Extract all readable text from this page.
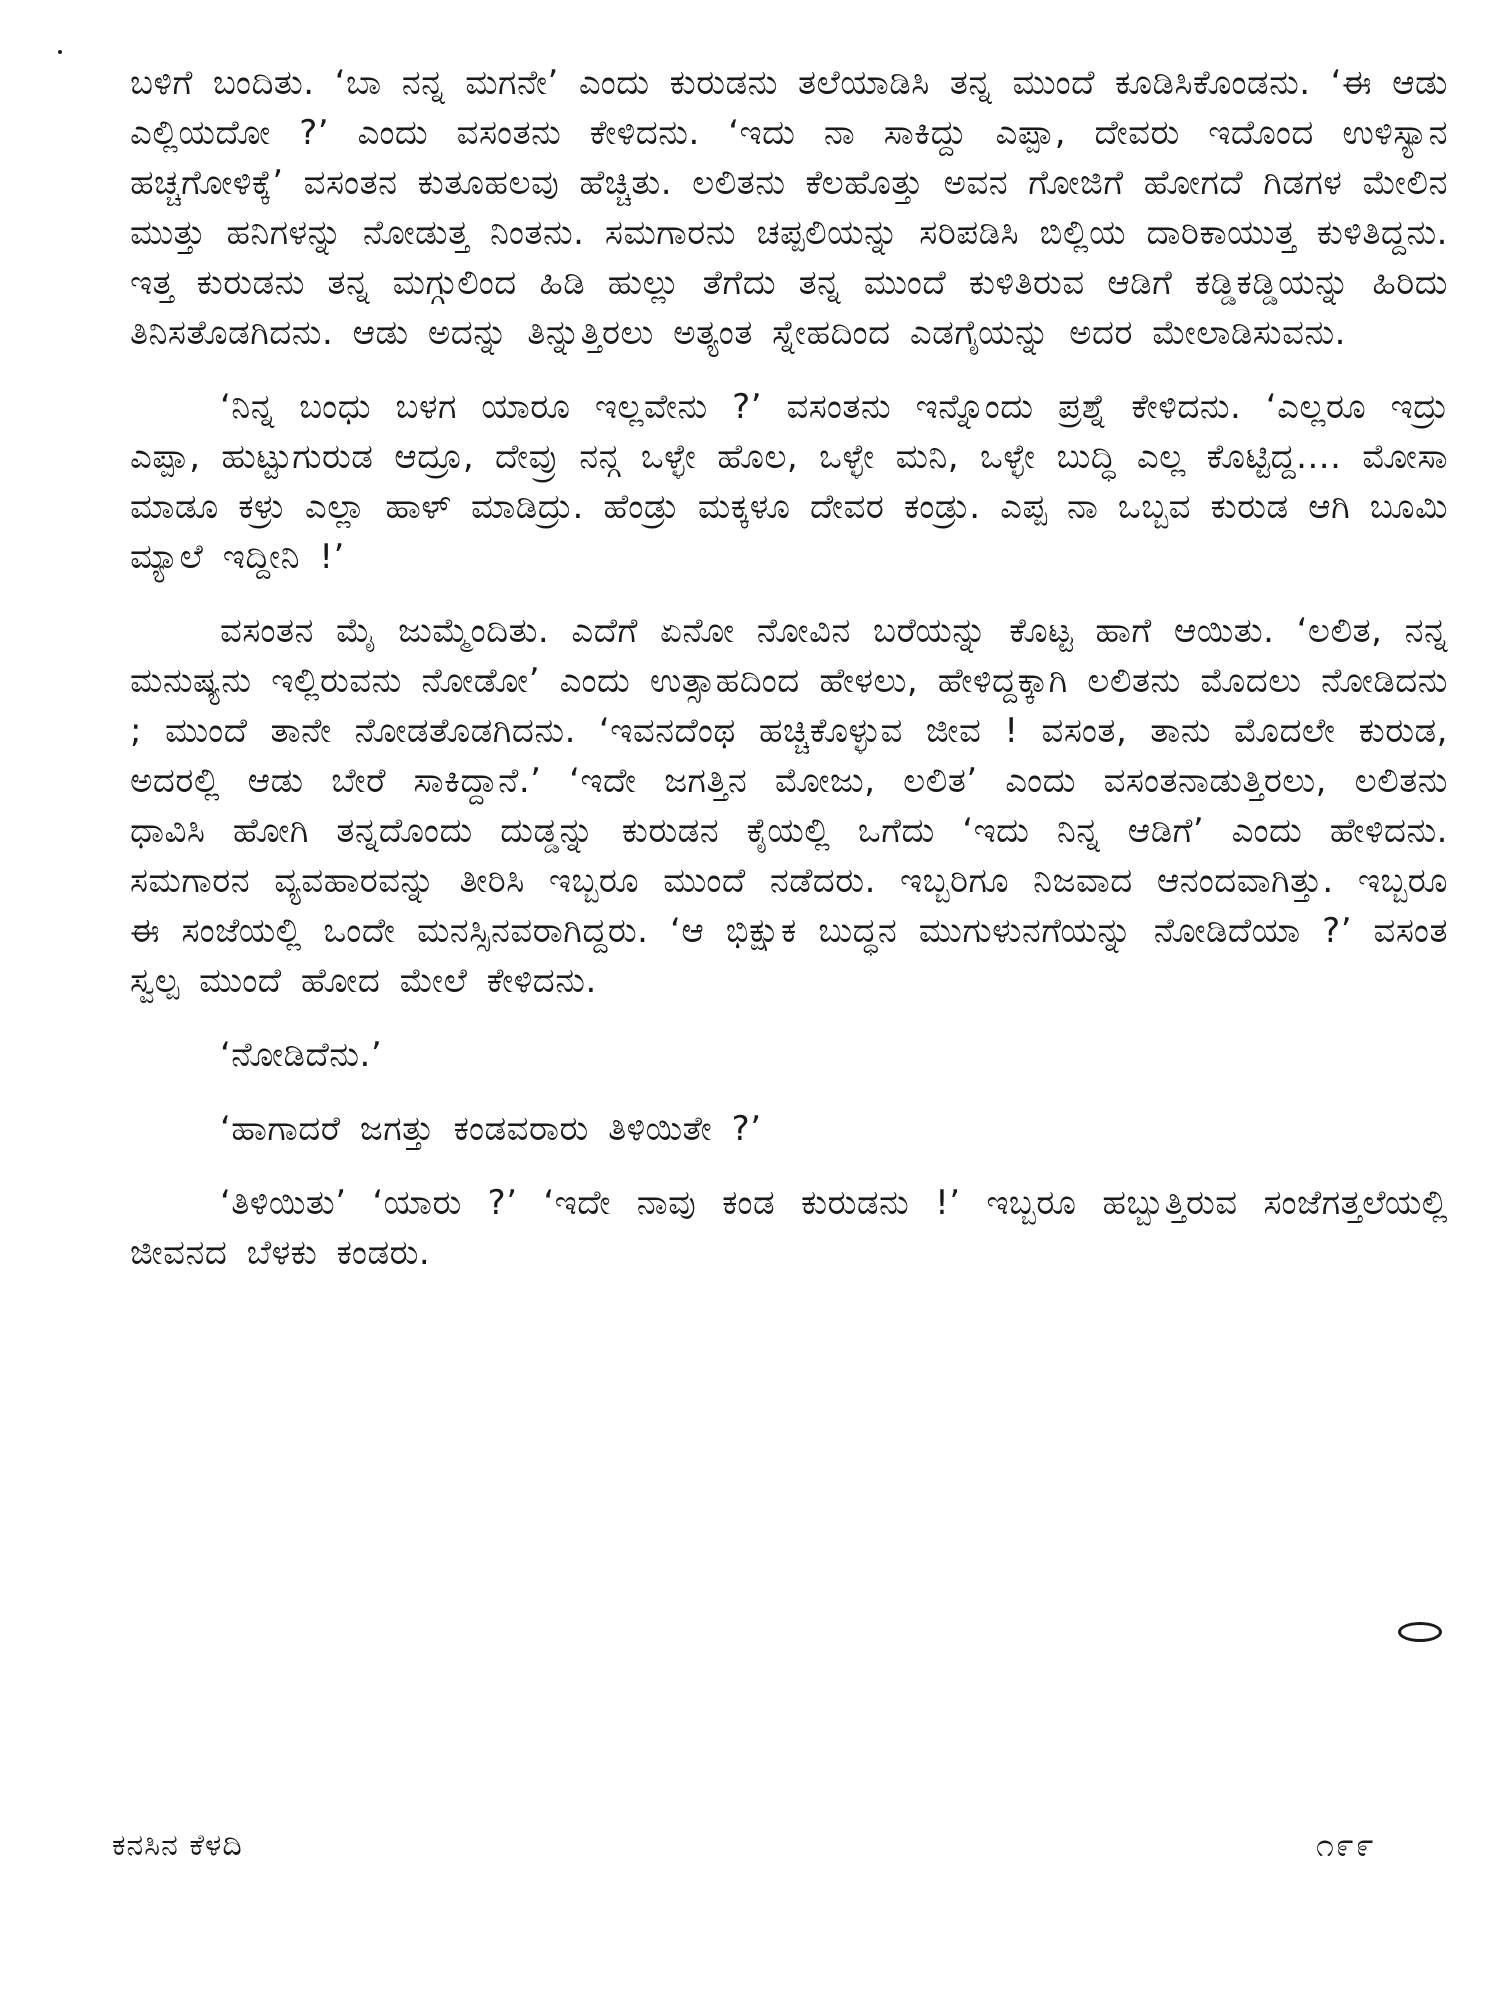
ಬಳಿಗೆ ಬಂದಿತು. ‘ಬಾ ನನ್ನ ಮಗನೇ’ ಎಂದು ಕುರುಡನು ತಲೆಯಾಡಿಸಿ ತನ್ನ ಮುಂದೆ ಕೂಡಿಸಿಕೊಂಡನು. ‘ಈ ಆಡು ಎಲ್ಲಿಯದೋ ?’ ಎಂದು ವಸಂತನು ಕೇಳಿದನು. ‘ಇದು ನಾ ಸಾಕಿದ್ದು ಎಪ್ಪಾ, ದೇವರು ಇದೊಂದ ಉಳಿಸ್ಯಾನ ಹಚ್ಚಗೋಳಿಕ್ಕೆ’ ವಸಂತನ ಕುತೂಹಲವು ಹೆಚ್ಚಿತು. ಲಲಿತನು ಕೆಲಹೊತ್ತು ಅವನ ಗೋಜಿಗೆ ಹೋಗದೆ ಗಿಡಗಳ ಮೇಲಿನ ಮುತ್ತು ಹನಿಗಳನ್ನು ನೋಡುತ್ತ ನಿಂತನು. ಸಮಗಾರನು ಚಪ್ಪಲಿಯನ್ನು ಸರಿಪಡಿಸಿ ಬಿಲ್ಲಿಯ ದಾರಿಕಾಯುತ್ತ ಕುಳಿತಿದ್ದನು. ಇತ್ತ ಕುರುಡನು ತನ್ನ ಮಗ್ಗುಲಿಂದ ಹಿಡಿ ಹುಲ್ಲು ತೆಗೆದು ತನ್ನ ಮುಂದೆ ಕುಳಿತಿರುವ ಆಡಿಗೆ ಕಡ್ಡಿಕಡ್ಡಿಯನ್ನು ಹಿರಿದು ತಿನಿಸತೊಡಗಿದನು. ಆಡು ಅದನ್ನು ತಿನ್ನುತ್ತಿರಲು ಅತ್ಯಂತ ಸ್ನೇಹದಿಂದ ಎಡಗೈಯನ್ನು ಅದರ ಮೇಲಾಡಿಸುವನು.

‘ನಿನ್ನ ಬಂಧು ಬಳಗ ಯಾರೂ ಇಲ್ಲವೇನು ?’ ವಸಂತನು ಇನ್ನೊಂದು ಪ್ರಶ್ನೆ ಕೇಳಿದನು. ‘ಎಲ್ಲರೂ ಇದ್ರು ಎಪ್ಪಾ, ಹುಟ್ಟುಗುರುಡ ಆದ್ರೂ, ದೇವ್ರು ನನ್ಗ ಒಳ್ಳೇ ಹೊಲ, ಒಳ್ಳೇ ಮನಿ, ಒಳ್ಳೇ ಬುದ್ಧಿ ಎಲ್ಲ ಕೊಟ್ಟಿದ್ದ.... ಮೋಸಾ ಮಾಡೂ ಕಳ್ರು ಎಲ್ಲಾ ಹಾಳ್ ಮಾಡಿದ್ರು. ಹೆಂಡ್ರು ಮಕ್ಕಳೂ ದೇವರ ಕಂಡ್ರು. ಎಪ್ಪ ನಾ ಒಬ್ಬವ ಕುರುಡ ಆಗಿ ಬೂಮಿ ಮ್ಯಾಲೆ ಇದ್ದೀನಿ !’

ವಸಂತನ ಮೈ ಜುಮ್ಮೆಂದಿತು. ಎದೆಗೆ ಏನೋ ನೋವಿನ ಬರೆಯನ್ನು ಕೊಟ್ಟ ಹಾಗೆ ಆಯಿತು. ‘ಲಲಿತ, ನನ್ನ ಮನುಷ್ಯನು ಇಲ್ಲಿರುವನು ನೋಡೋ’ ಎಂದು ಉತ್ಸಾಹದಿಂದ ಹೇಳಲು, ಹೇಳಿದ್ದಕ್ಕಾಗಿ ಲಲಿತನು ಮೊದಲು ನೋಡಿದನು ; ಮುಂದೆ ತಾನೇ ನೋಡತೊಡಗಿದನು. ‘ಇವನದೆಂಥ ಹಚ್ಚಿಕೊಳ್ಳುವ ಜೀವ ! ವಸಂತ, ತಾನು ಮೊದಲೇ ಕುರುಡ, ಅದರಲ್ಲಿ ಆಡು ಬೇರೆ ಸಾಕಿದ್ದಾನೆ.’ ‘ಇದೇ ಜಗತ್ತಿನ ಮೋಜು, ಲಲಿತ’ ಎಂದು ವಸಂತನಾಡುತ್ತಿರಲು, ಲಲಿತನು ಧಾವಿಸಿ ಹೋಗಿ ತನ್ನದೊಂದು ದುಡ್ಡನ್ನು ಕುರುಡನ ಕೈಯಲ್ಲಿ ಒಗೆದು ‘ಇದು ನಿನ್ನ ಆಡಿಗೆ’ ಎಂದು ಹೇಳಿದನು. ಸಮಗಾರನ ವ್ಯವಹಾರವನ್ನು ತೀರಿಸಿ ಇಬ್ಬರೂ ಮುಂದೆ ನಡೆದರು. ಇಬ್ಬರಿಗೂ ನಿಜವಾದ ಆನಂದವಾಗಿತ್ತು. ಇಬ್ಬರೂ ಈ ಸಂಜೆಯಲ್ಲಿ ಒಂದೇ ಮನಸ್ಸಿನವರಾಗಿದ್ದರು. ‘ಆ ಭಿಕ್ಷುಕ ಬುದ್ಧನ ಮುಗುಳುನಗೆಯನ್ನು ನೋಡಿದೆಯಾ ?’ ವಸಂತ ಸ್ವಲ್ಪ ಮುಂದೆ ಹೋದ ಮೇಲೆ ಕೇಳಿದನು.

‘ನೋಡಿದೆನು.’

‘ಹಾಗಾದರೆ ಜಗತ್ತು ಕಂಡವರಾರು ತಿಳಿಯಿತೇ ?’

‘ತಿಳಿಯಿತು’ ‘ಯಾರು ?’ ‘ಇದೇ ನಾವು ಕಂಡ ಕುರುಡನು !’ ಇಬ್ಬರೂ ಹಬ್ಬುತ್ತಿರುವ ಸಂಜೆಗತ್ತಲೆಯಲ್ಲಿ ಜೀವನದ ಬೆಳಕು ಕಂಡರು.

ಕನಸಿನ ಕೆಳದಿ	೧೯೯
